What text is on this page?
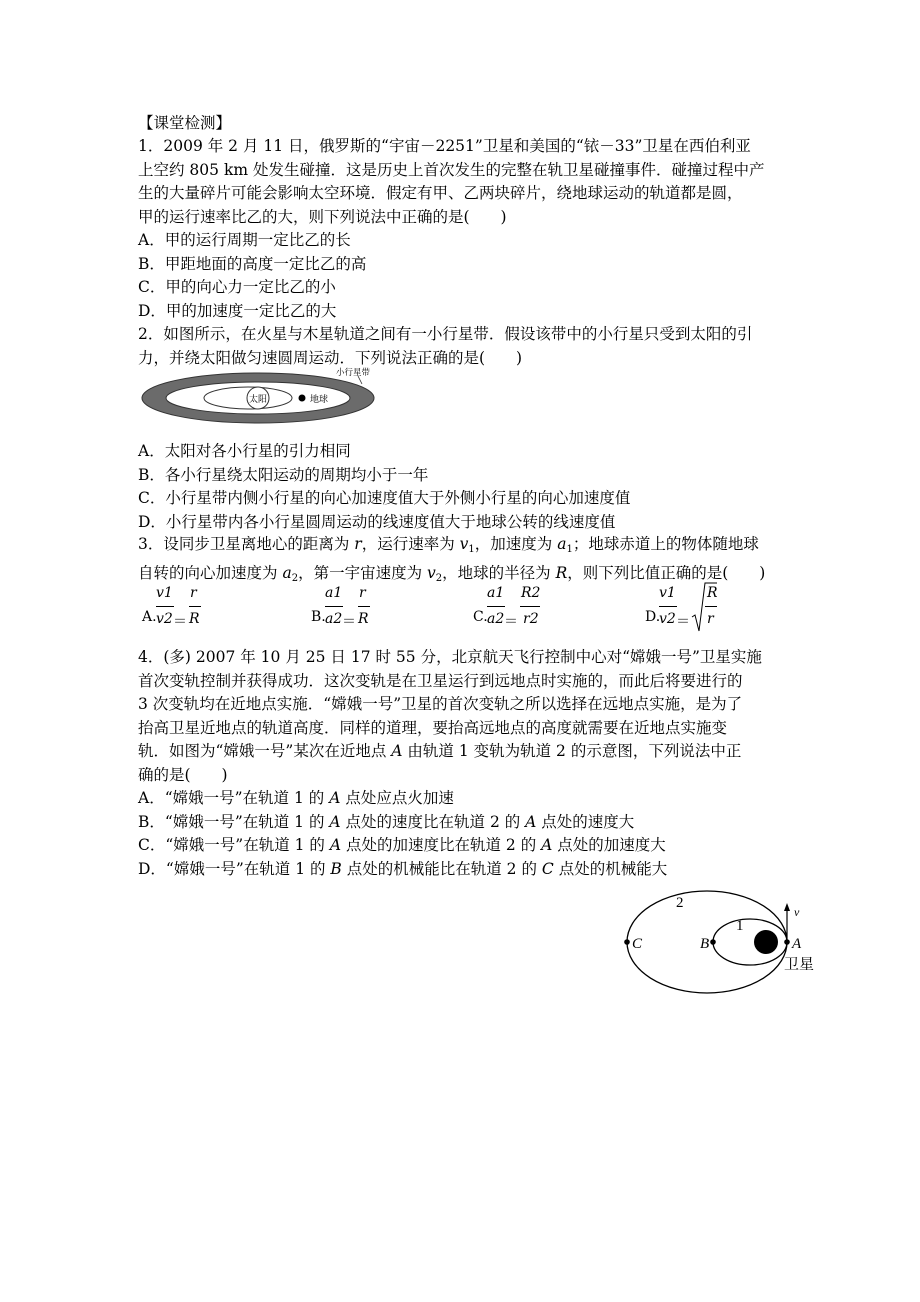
【课堂检测】
1．2009 年 2 月 11 日，俄罗斯的“宇宙－2251”卫星和美国的“铱－33”卫星在西伯利亚
上空约 805 km 处发生碰撞．这是历史上首次发生的完整在轨卫星碰撞事件．碰撞过程中产
生的大量碎片可能会影响太空环境．假定有甲、乙两块碎片，绕地球运动的轨道都是圆，
甲的运行速率比乙的大，则下列说法中正确的是(　　)
A．甲的运行周期一定比乙的长
B．甲距地面的高度一定比乙的高
C．甲的向心力一定比乙的小
D．甲的加速度一定比乙的大
2．如图所示，在火星与木星轨道之间有一小行星带．假设该带中的小行星只受到太阳的引
力，并绕太阳做匀速圆周运动．下列说法正确的是(　　)
太阳	地球
小行星带
A．太阳对各小行星的引力相同
B．各小行星绕太阳运动的周期均小于一年
C．小行星带内侧小行星的向心加速度值大于外侧小行星的向心加速度值
D．小行星带内各小行星圆周运动的线速度值大于地球公转的线速度值
3．设同步卫星离地心的距离为 r，运行速率为 $v_1$，加速度为 $a_1$；地球赤道上的物体随地球
自转的向心加速度为 $a_2$，第一宇宙速度为 $v_2$，地球的半径为 R，则下列比值正确的是(　　)
A.
v1
v2 ＝
r
R	B.
a1
a2 ＝
r
R	C.
a1
a2 ＝
R2
r2	D.
v1
v2 ＝
R
r
4．(多) 2007 年 10 月 25 日 17 时 55 分，北京航天飞行控制中心对“嫦娥一号”卫星实施
首次变轨控制并获得成功．这次变轨是在卫星运行到远地点时实施的，而此后将要进行的
3 次变轨均在近地点实施．“嫦娥一号”卫星的首次变轨之所以选择在远地点实施，是为了
抬高卫星近地点的轨道高度．同样的道理，要抬高远地点的高度就需要在近地点实施变
轨．如图为“嫦娥一号”某次在近地点 A 由轨道 1 变轨为轨道 2 的示意图，下列说法中正
确的是(　　)
A．“嫦娥一号”在轨道 1 的 A 点处应点火加速
B．“嫦娥一号”在轨道 1 的 A 点处的速度比在轨道 2 的 A 点处的速度大
C．“嫦娥一号”在轨道 1 的 A 点处的加速度比在轨道 2 的 A 点处的加速度大
D．“嫦娥一号”在轨道 1 的 B 点处的机械能比在轨道 2 的 C 点处的机械能大
v
2
1
C	B	A
卫星
